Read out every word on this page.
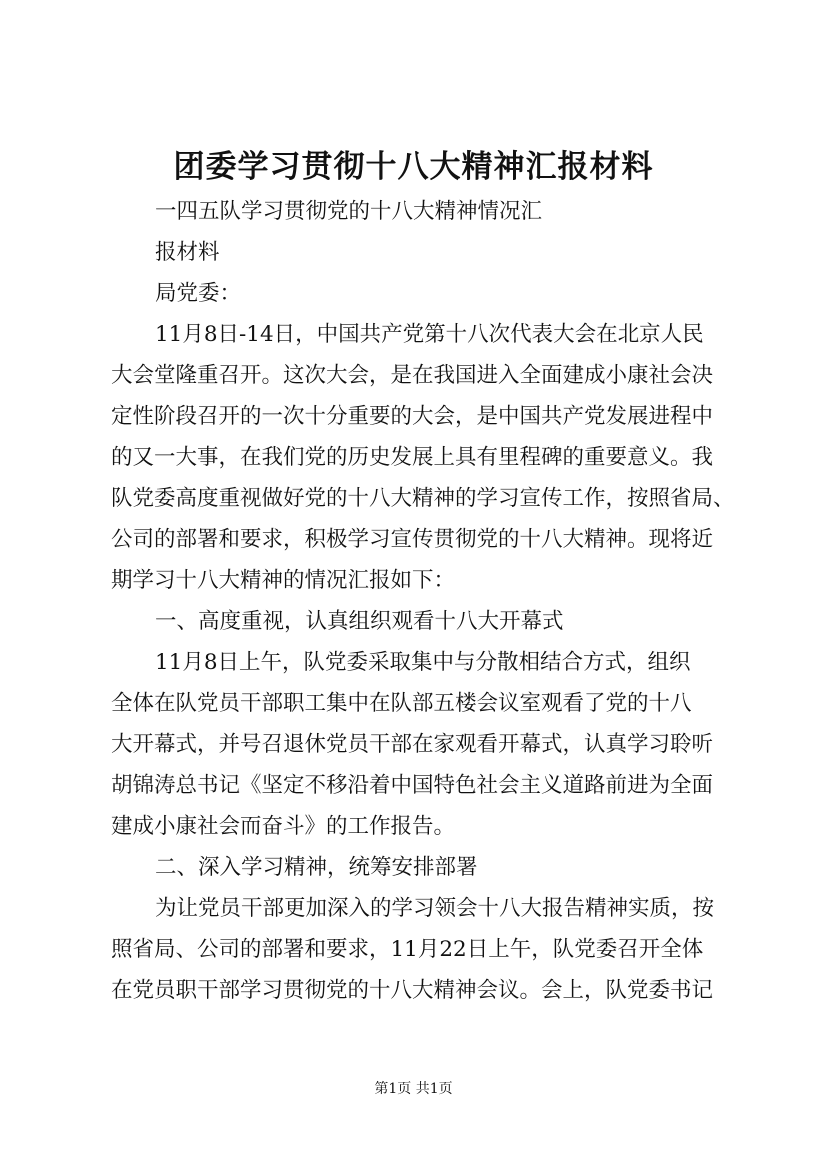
团委学习贯彻十八大精神汇报材料
一四五队学习贯彻党的十八大精神情况汇
报材料
局党委：
11月8日-14日，中国共产党第十八次代表大会在北京人民
大会堂隆重召开。这次大会，是在我国进入全面建成小康社会决
定性阶段召开的一次十分重要的大会，是中国共产党发展进程中
的又一大事，在我们党的历史发展上具有里程碑的重要意义。我
队党委高度重视做好党的十八大精神的学习宣传工作，按照省局、
公司的部署和要求，积极学习宣传贯彻党的十八大精神。现将近
期学习十八大精神的情况汇报如下：
一、高度重视，认真组织观看十八大开幕式
11月8日上午，队党委采取集中与分散相结合方式，组织
全体在队党员干部职工集中在队部五楼会议室观看了党的十八
大开幕式，并号召退休党员干部在家观看开幕式，认真学习聆听
胡锦涛总书记《坚定不移沿着中国特色社会主义道路前进为全面
建成小康社会而奋斗》的工作报告。
二、深入学习精神，统筹安排部署
为让党员干部更加深入的学习领会十八大报告精神实质，按
照省局、公司的部署和要求，11月22日上午，队党委召开全体
在党员职干部学习贯彻党的十八大精神会议。会上，队党委书记
第1页 共1页
